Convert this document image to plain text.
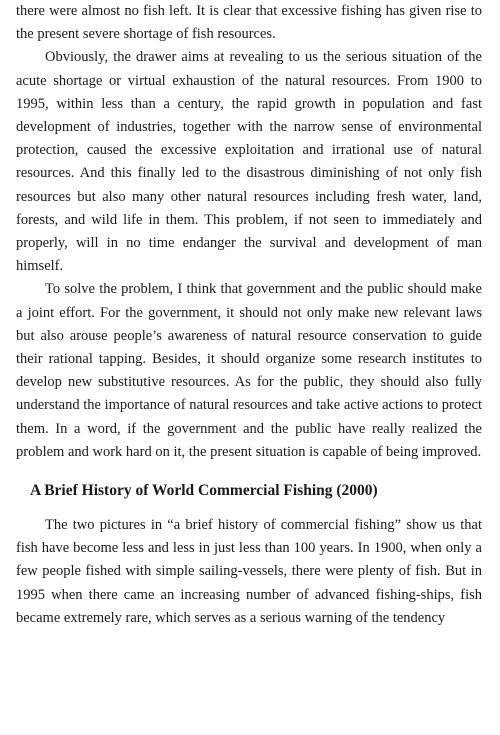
there were almost no fish left. It is clear that excessive fishing has given rise to the present severe shortage of fish resources.

Obviously, the drawer aims at revealing to us the serious situation of the acute shortage or virtual exhaustion of the natural resources. From 1900 to 1995, within less than a century, the rapid growth in population and fast development of industries, together with the narrow sense of environmental protection, caused the excessive exploitation and irrational use of natural resources. And this finally led to the disastrous diminishing of not only fish resources but also many other natural resources including fresh water, land, forests, and wild life in them. This problem, if not seen to immediately and properly, will in no time endanger the survival and development of man himself.

To solve the problem, I think that government and the public should make a joint effort. For the government, it should not only make new relevant laws but also arouse people’s awareness of natural resource conservation to guide their rational tapping. Besides, it should organize some research institutes to develop new substitutive resources. As for the public, they should also fully understand the importance of natural resources and take active actions to protect them. In a word, if the government and the public have really realized the problem and work hard on it, the present situation is capable of being improved.

A Brief History of World Commercial Fishing (2000)

The two pictures in “a brief history of commercial fishing” show us that fish have become less and less in just less than 100 years. In 1900, when only a few people fished with simple sailing-vessels, there were plenty of fish. But in 1995 when there came an increasing number of advanced fishing-ships, fish became extremely rare, which serves as a serious warning of the tendency
